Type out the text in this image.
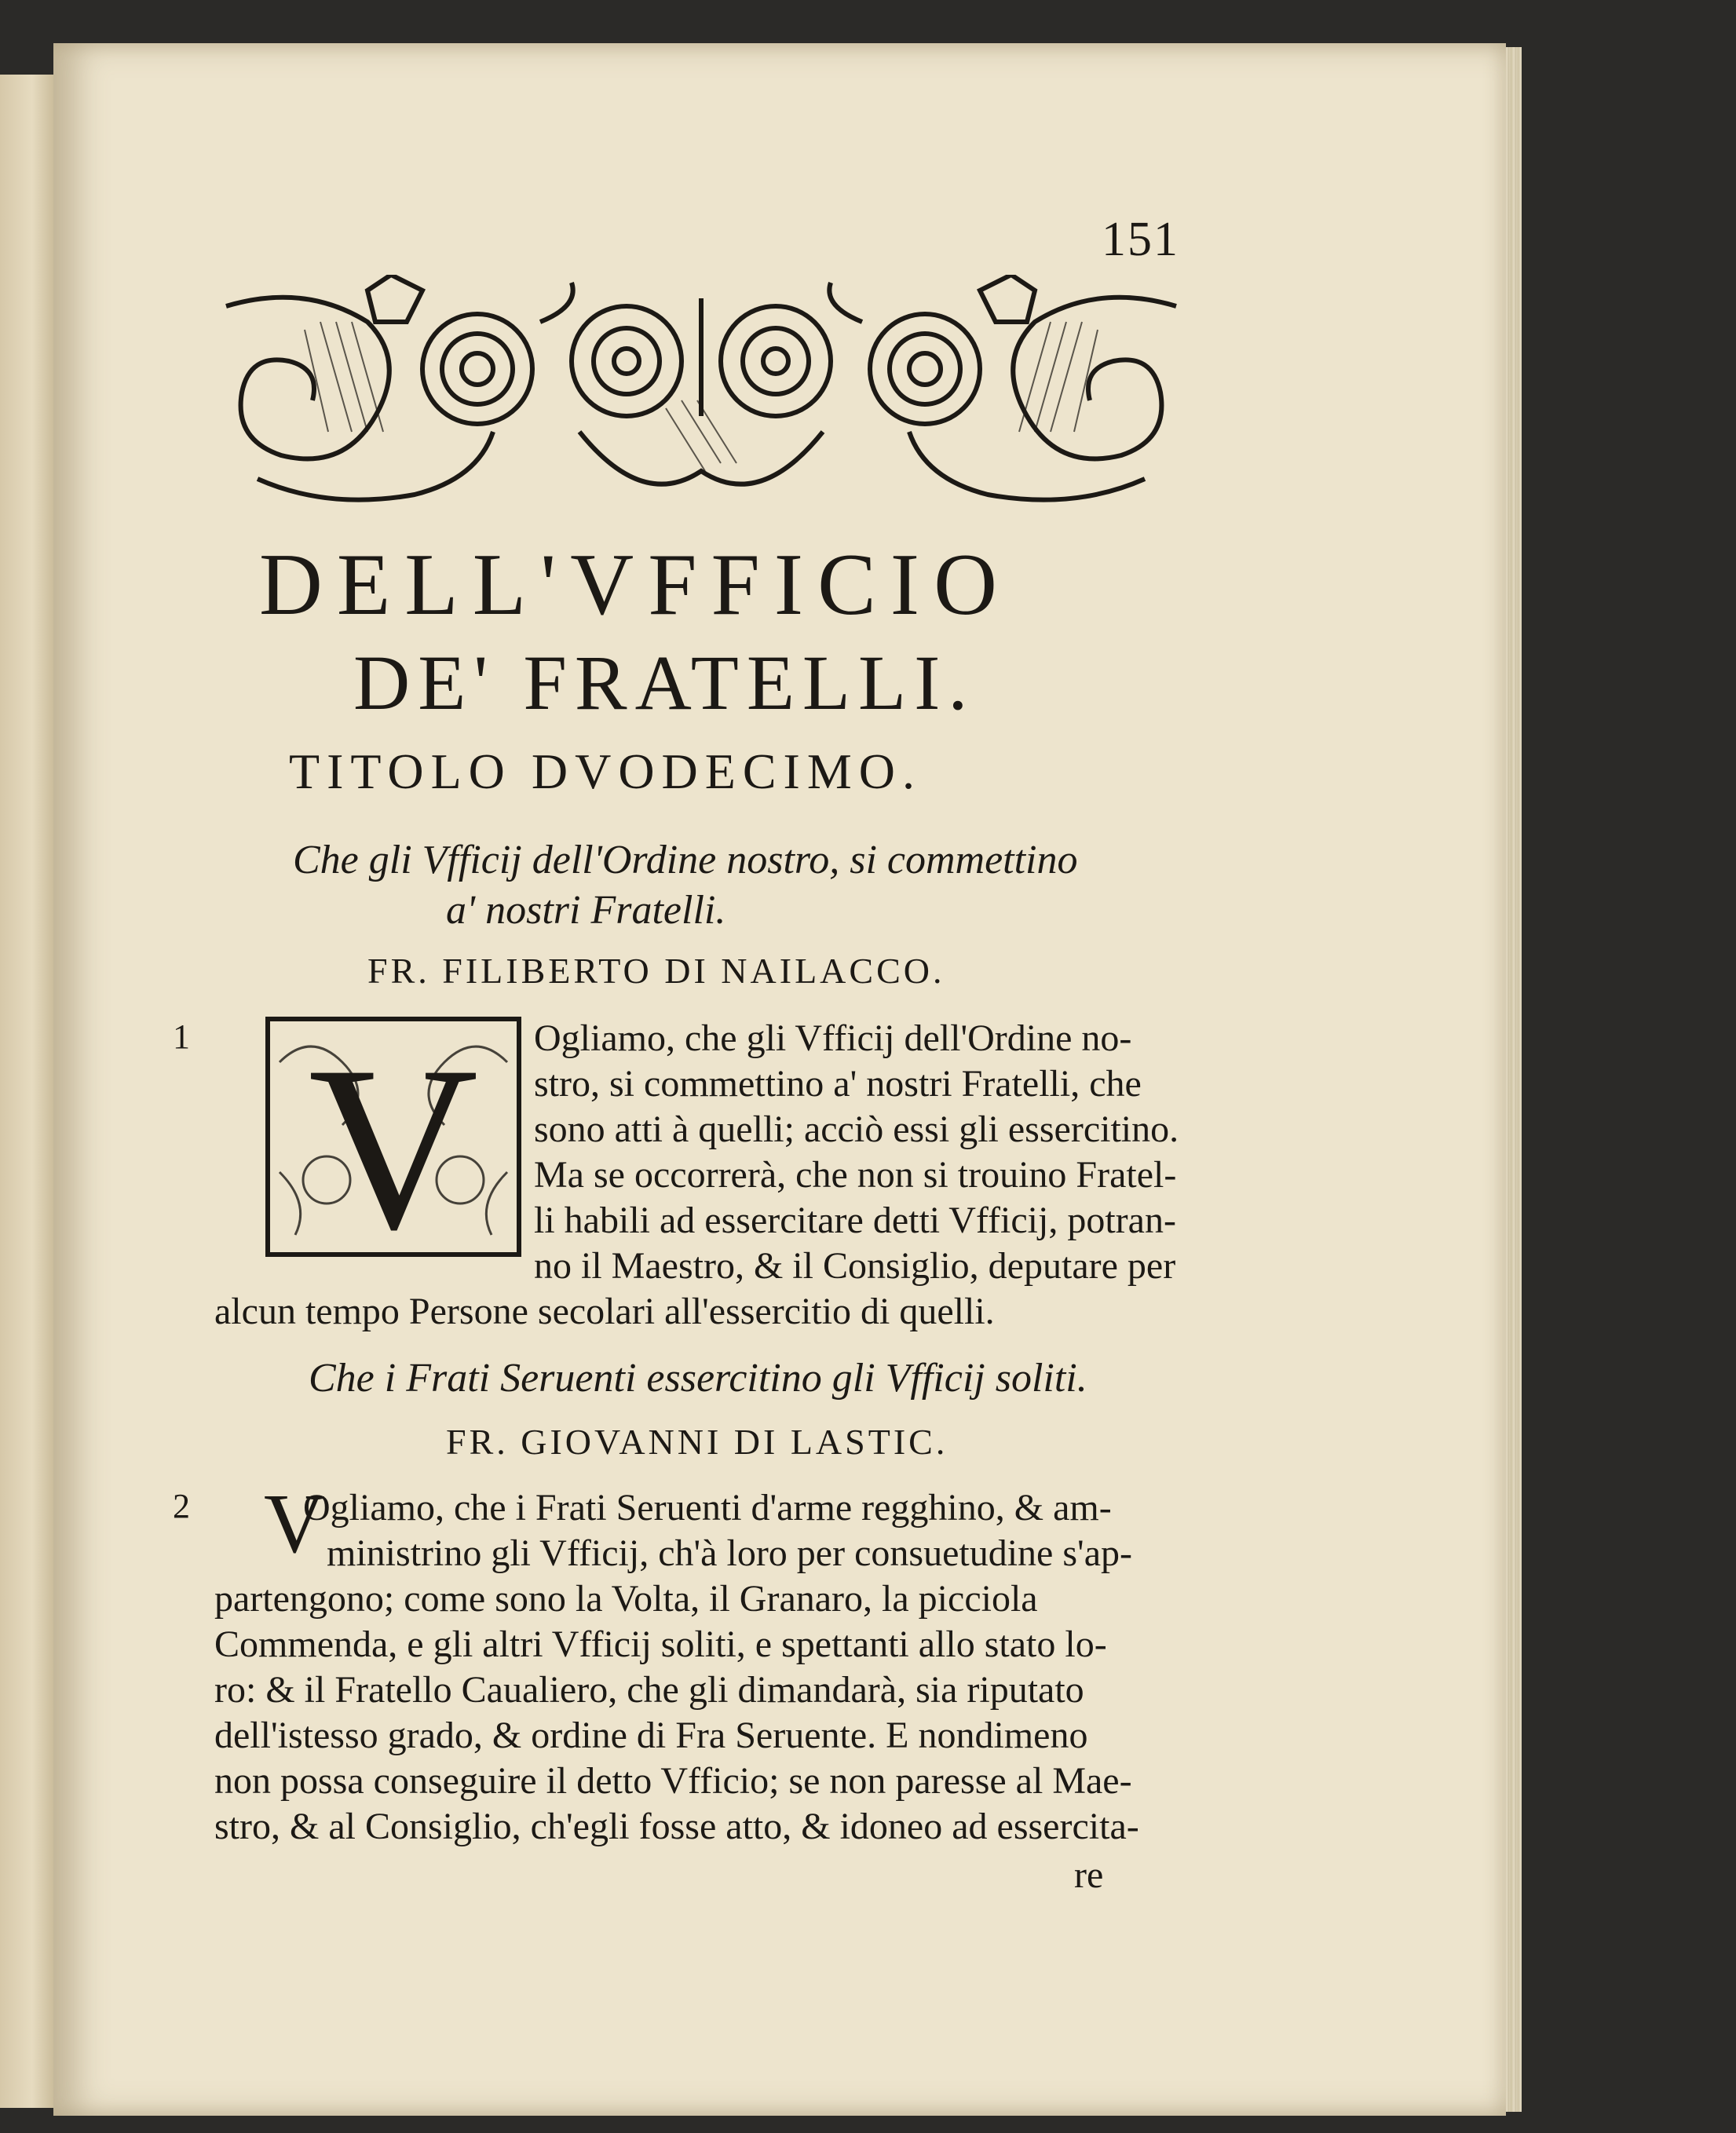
151
DELL'VFFICIO
DE' FRATELLI.
TITOLO DVODECIMO.
Che gli Vfficij dell'Ordine nostro, si commettino
a' nostri Fratelli.
FR. FILIBERTO DI NAILACCO.
1 V Ogliamo, che gli Vfficij dell'Ordine no-
stro, si commettino a' nostri Fratelli, che
sono atti à quelli; acciò essi gli essercitino.
Ma se occorrerà, che non si trouino Fratel-
li habili ad essercitare detti Vfficij, potran-
no il Maestro, & il Consiglio, deputare per
alcun tempo Persone secolari all'essercitio di quelli.
Che i Frati Seruenti essercitino gli Vfficij soliti.
FR. GIOVANNI DI LASTIC.
2 V
Ogliamo, che i Frati Seruenti d'arme regghino, & am-
ministrino gli Vfficij, ch'à loro per consuetudine s'ap-
partengono; come sono la Volta, il Granaro, la picciola
Commenda, e gli altri Vfficij soliti, e spettanti allo stato lo-
ro: & il Fratello Caualiero, che gli dimandarà, sia riputato
dell'istesso grado, & ordine di Fra Seruente. E nondimeno
non possa conseguire il detto Vfficio; se non paresse al Mae-
stro, & al Consiglio, ch'egli fosse atto, & idoneo ad essercita-
re
